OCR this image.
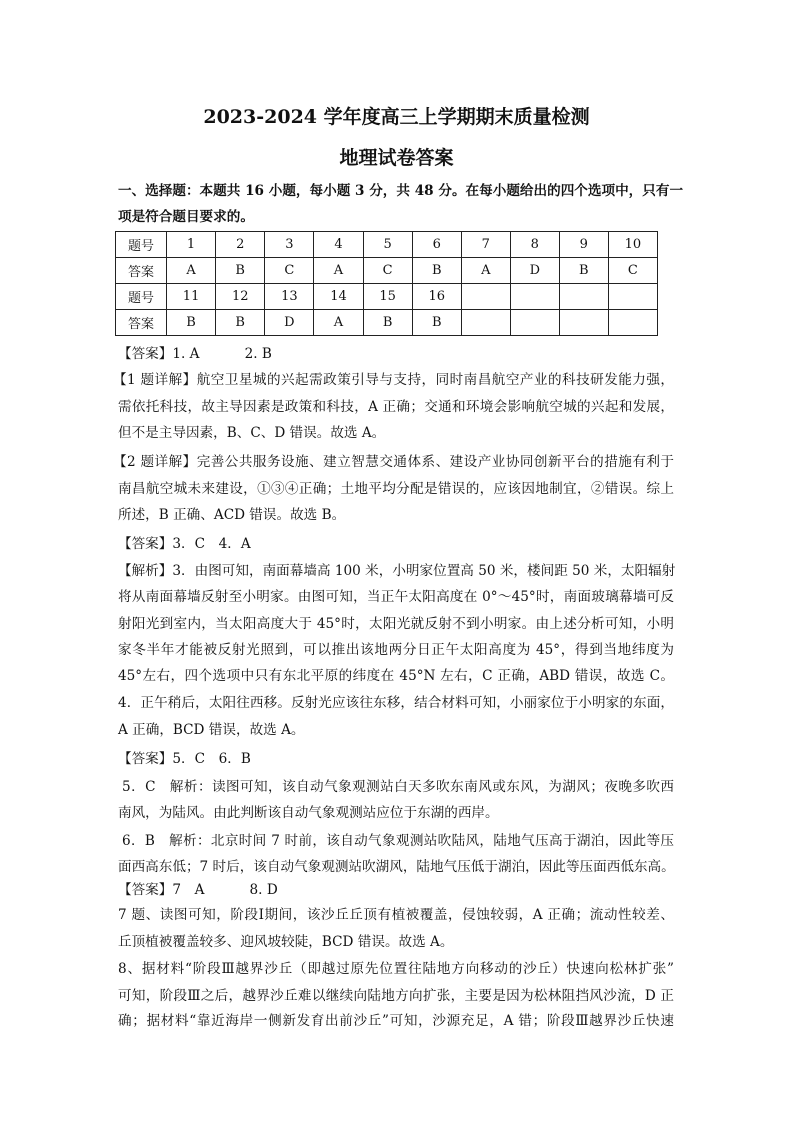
2023-2024 学年度高三上学期期末质量检测
地理试卷答案
一、选择题：本题共 16 小题，每小题 3 分，共 48 分。在每小题给出的四个选项中，只有一
项是符合题目要求的。
题号	1	2	3	4	5	6	7	8	9	10
答案	A	B	C	A	C	B	A	D	B	C
题号	11	12	13	14	15	16				
答案	B	B	D	A	B	B				
【答案】1. A　　　 2. B
【1 题详解】航空卫星城的兴起需政策引导与支持，同时南昌航空产业的科技研发能力强，
需依托科技，故主导因素是政策和科技，A 正确；交通和环境会影响航空城的兴起和发展，
但不是主导因素，B、C、D 错误。故选 A。
【2 题详解】完善公共服务设施、建立智慧交通体系、建设产业协同创新平台的措施有利于
南昌航空城未来建设，①③④正确；土地平均分配是错误的，应该因地制宜，②错误。综上
所述，B 正确、ACD 错误。故选 B。
【答案】3．C　4．A
【解析】3．由图可知，南面幕墙高 100 米，小明家位置高 50 米，楼间距 50 米，太阳辐射
将从南面幕墙反射至小明家。由图可知，当正午太阳高度在 0°～45°时，南面玻璃幕墙可反
射阳光到室内，当太阳高度大于 45°时，太阳光就反射不到小明家。由上述分析可知，小明
家冬半年才能被反射光照到，可以推出该地两分日正午太阳高度为 45°，得到当地纬度为
45°左右，四个选项中只有东北平原的纬度在 45°N 左右，C 正确，ABD 错误，故选 C。
4．正午稍后，太阳往西移。反射光应该往东移，结合材料可知，小丽家位于小明家的东面，
A 正确，BCD 错误，故选 A。
【答案】5．C　6．B
5．C　解析：读图可知，该自动气象观测站白天多吹东南风或东风，为湖风；夜晚多吹西
南风，为陆风。由此判断该自动气象观测站应位于东湖的西岸。
6．B　解析：北京时间 7 时前，该自动气象观测站吹陆风，陆地气压高于湖泊，因此等压
面西高东低；7 时后，该自动气象观测站吹湖风，陆地气压低于湖泊，因此等压面西低东高。
【答案】7　A　　　 8. D
7 题、读图可知，阶段Ⅰ期间，该沙丘丘顶有植被覆盖，侵蚀较弱，A 正确；流动性较差、
丘顶植被覆盖较多、迎风坡较陡，BCD 错误。故选 A。
8、据材料“阶段Ⅲ越界沙丘（即越过原先位置往陆地方向移动的沙丘）快速向松林扩张”
可知，阶段Ⅲ之后，越界沙丘难以继续向陆地方向扩张，主要是因为松林阻挡风沙流，D 正
确；据材料“靠近海岸一侧新发育出前沙丘”可知，沙源充足，A 错；阶段Ⅲ越界沙丘快速
